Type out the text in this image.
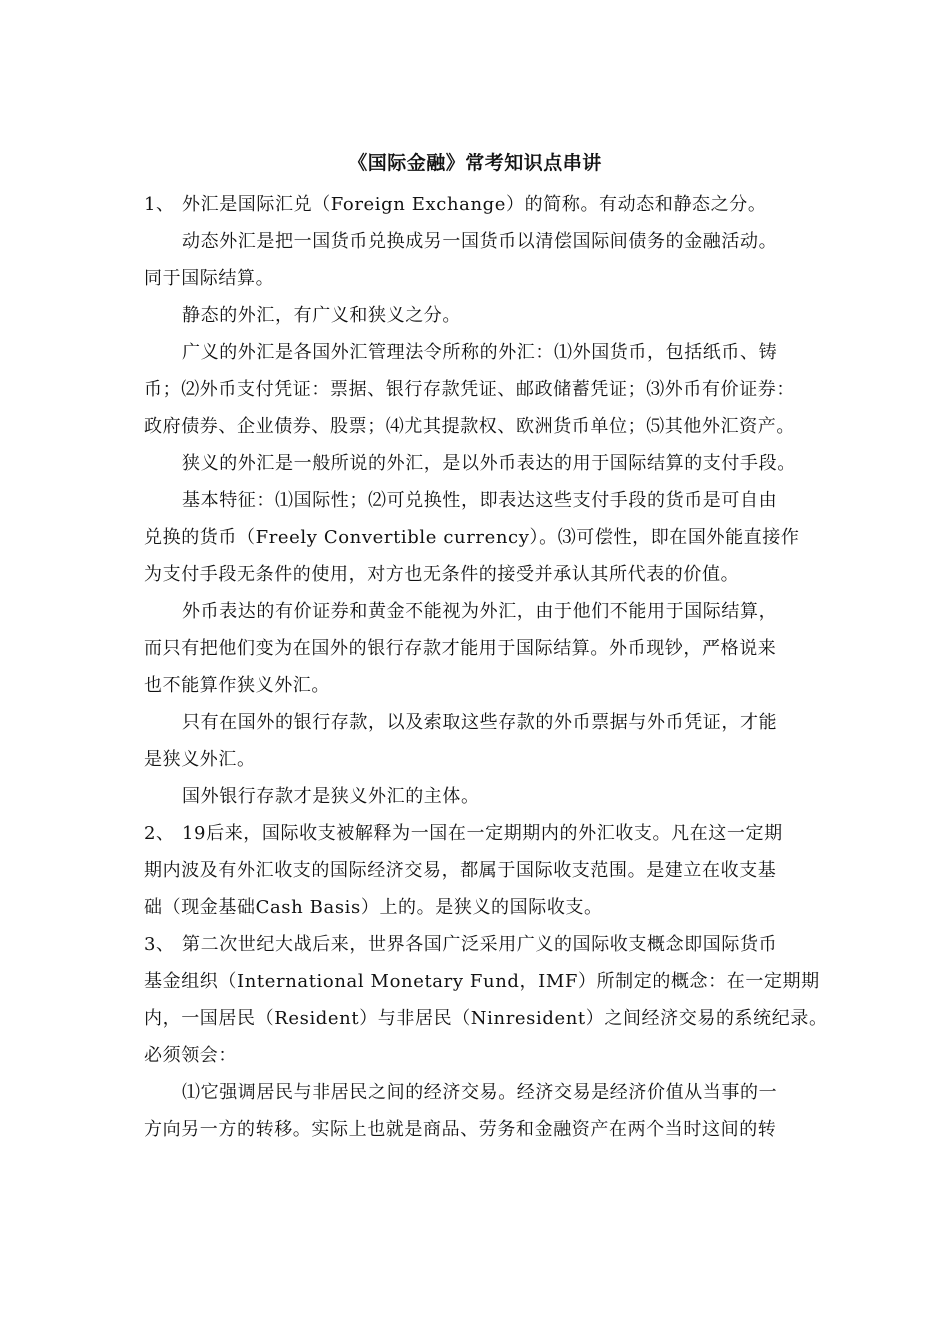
《国际金融》常考知识点串讲
1、 外汇是国际汇兑（Foreign Exchange）的简称。有动态和静态之分。
动态外汇是把一国货币兑换成另一国货币以清偿国际间债务的金融活动。
同于国际结算。
静态的外汇，有广义和狭义之分。
广义的外汇是各国外汇管理法令所称的外汇：⑴外国货币，包括纸币、铸
币；⑵外币支付凭证：票据、银行存款凭证、邮政储蓄凭证；⑶外币有价证券：
政府债券、企业债券、股票；⑷尤其提款权、欧洲货币单位；⑸其他外汇资产。
狭义的外汇是一般所说的外汇，是以外币表达的用于国际结算的支付手段。
基本特征：⑴国际性；⑵可兑换性，即表达这些支付手段的货币是可自由
兑换的货币（Freely Convertible currency）。⑶可偿性，即在国外能直接作
为支付手段无条件的使用，对方也无条件的接受并承认其所代表的价值。
外币表达的有价证券和黄金不能视为外汇，由于他们不能用于国际结算，
而只有把他们变为在国外的银行存款才能用于国际结算。外币现钞，严格说来
也不能算作狭义外汇。
只有在国外的银行存款，以及索取这些存款的外币票据与外币凭证，才能
是狭义外汇。
国外银行存款才是狭义外汇的主体。
2、 19后来，国际收支被解释为一国在一定期期内的外汇收支。凡在这一定期
期内波及有外汇收支的国际经济交易，都属于国际收支范围。是建立在收支基
础（现金基础Cash Basis）上的。是狭义的国际收支。
3、 第二次世纪大战后来，世界各国广泛采用广义的国际收支概念即国际货币
基金组织（International Monetary Fund，IMF）所制定的概念：在一定期期
内，一国居民（Resident）与非居民（Ninresident）之间经济交易的系统纪录。
必须领会：
⑴它强调居民与非居民之间的经济交易。经济交易是经济价值从当事的一
方向另一方的转移。实际上也就是商品、劳务和金融资产在两个当时这间的转
